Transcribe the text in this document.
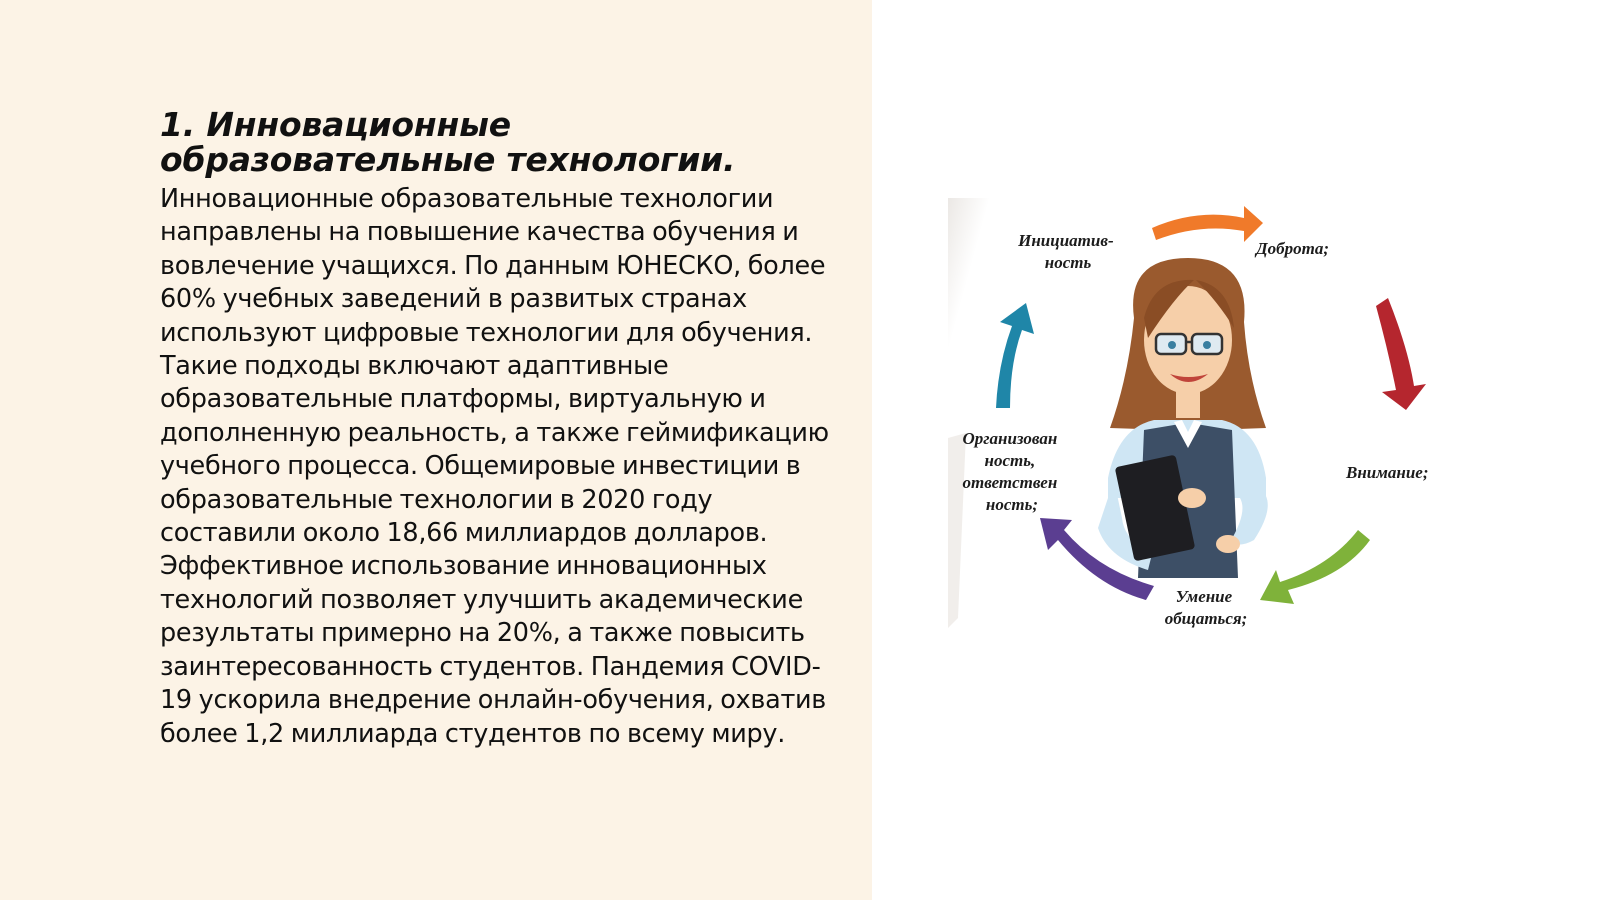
1. Инновационные образовательные технологии.

Инновационные образовательные технологии направлены на повышение качества обучения и вовлечение учащихся. По данным ЮНЕСКО, более 60% учебных заведений в развитых странах используют цифровые технологии для обучения. Такие подходы включают адаптивные образовательные платформы, виртуальную и дополненную реальность, а также геймификацию учебного процесса. Общемировые инвестиции в образовательные технологии в 2020 году составили около 18,66 миллиардов долларов. Эффективное использование инновационных технологий позволяет улучшить академические результаты примерно на 20%, а также повысить заинтересованность студентов. Пандемия COVID-19 ускорила внедрение онлайн-обучения, охватив более 1,2 миллиарда студентов по всему миру.

Инициатив- ность
Доброта;
Внимание;
Умение общаться;
Организован ность, ответствен ность;
